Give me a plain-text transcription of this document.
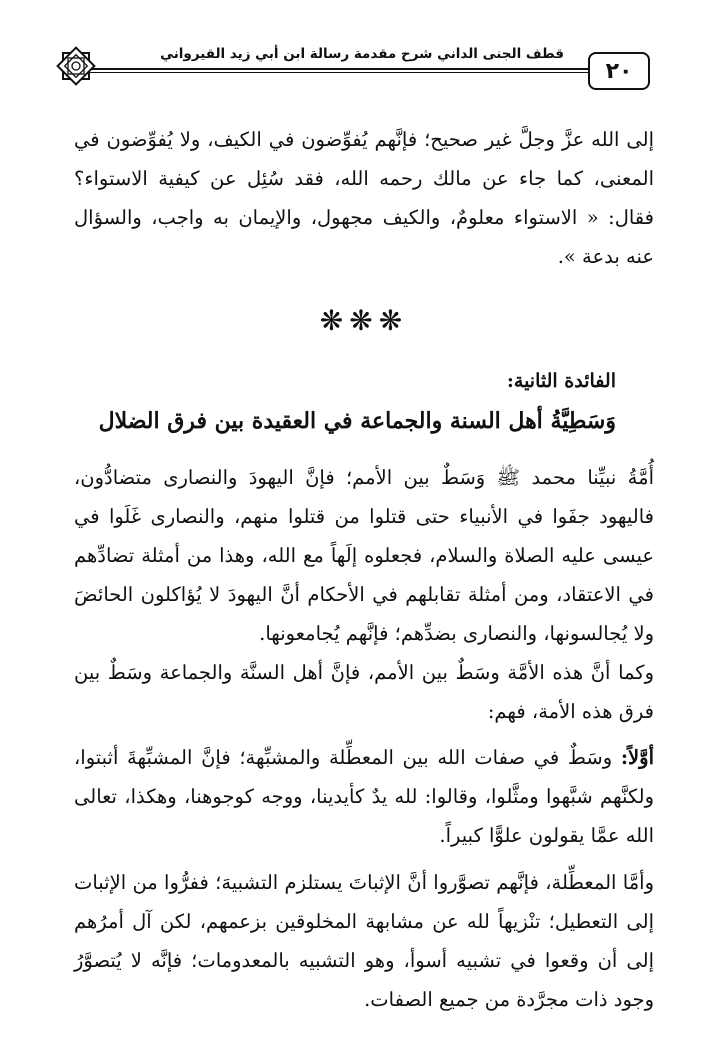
قطف الجنى الداني شرح مقدمة رسالة ابن أبي زيد القيرواني
٢٠

إلى الله عزَّ وجلَّ غير صحيح؛ فإنَّهم يُفوِّضون في الكيف، ولا يُفوِّضون في المعنى، كما جاء عن مالك رحمه الله، فقد سُئِل عن كيفية الاستواء؟ فقال: « الاستواء معلومٌ، والكيف مجهول، والإيمان به واجب، والسؤال عنه بدعة ».

❋❋❋
الفائدة الثانية:
وَسَطِيَّةُ أهل السنة والجماعة في العقيدة بين فرق الضلال

أُمَّةُ نبيِّنا محمد ﷺ وَسَطٌ بين الأمم؛ فإنَّ اليهودَ والنصارى متضادُّون، فاليهود جفَوا في الأنبياء حتى قتلوا من قتلوا منهم، والنصارى غَلَوا في عيسى عليه الصلاة والسلام، فجعلوه إلَهاً مع الله، وهذا من أمثلة تضادِّهم في الاعتقاد، ومن أمثلة تقابلهم في الأحكام أنَّ اليهودَ لا يُؤاكلون الحائضَ ولا يُجالسونها، والنصارى بضدِّهم؛ فإنَّهم يُجامعونها.

وكما أنَّ هذه الأمَّة وسَطٌ بين الأمم، فإنَّ أهل السنَّة والجماعة وسَطٌ بين فرق هذه الأمة، فهم:

أوَّلاً: وسَطٌ في صفات الله بين المعطِّلة والمشبِّهة؛ فإنَّ المشبِّهةَ أثبتوا، ولكنَّهم شبَّهوا ومثَّلوا، وقالوا: لله يدٌ كأيدينا، ووجه كوجوهنا، وهكذا، تعالى الله عمَّا يقولون علوًّا كبيراً.

وأمَّا المعطِّلة، فإنَّهم تصوَّروا أنَّ الإثباتَ يستلزم التشبيهَ؛ ففرُّوا من الإثبات إلى التعطيل؛ تنْزيهاً لله عن مشابهة المخلوقين بزعمهم، لكن آل أمرُهم إلى أن وقعوا في تشبيه أسوأ، وهو التشبيه بالمعدومات؛ فإنَّه لا يُتصوَّرُ وجود ذات مجرَّدة من جميع الصفات.
